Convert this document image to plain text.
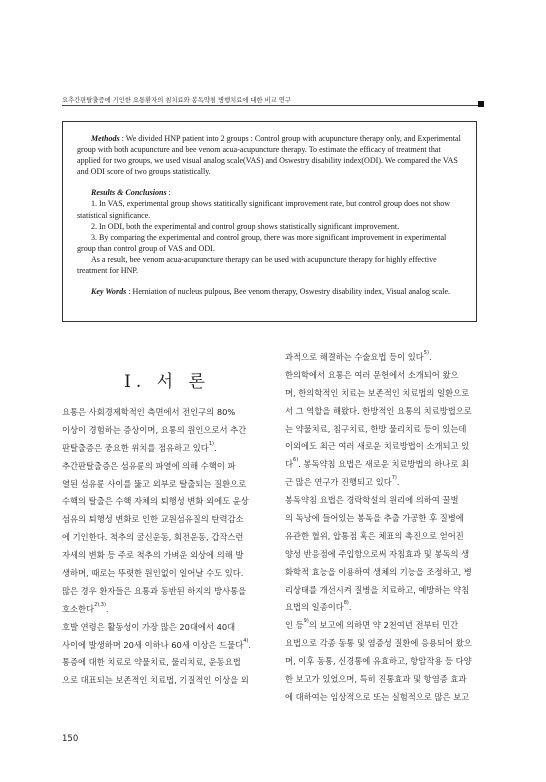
요추간판탈출증에 기인한 요통환자의 침치료와 봉독약침 병행치료에 대한 비교 연구

Methods : We divided HNP patient into 2 groups : Control group with acupuncture therapy only, and Experimental group with both acupuncture and bee venom acua-acupuncture therapy. To estimate the efficacy of treatment that applied for two groups, we used visual analog scale(VAS) and Oswestry disability index(ODI). We compared the VAS and ODI score of two groups statistically.

Results & Conclusions :

1. In VAS, experimental group shows statitically significant improvement rate, but control group does not show

statistical significance.

2. In ODI, both the experimental and control group shows statistically significant improvement.

3. By comparing the experimental and control group, there was more significant improvement in experimental

group than control group of VAS and ODI.

As a result, bee venom acua-acupuncture therapy can be used with acupuncture therapy for highly effective

treatment for HNP.

Key Words : Herniation of nucleus pulpous, Bee venom therapy, Oswestry disability index, Visual analog scale.

I. 서 론
요통은 사회경제학적인 측면에서 전인구의 80%
이상이 경험하는 증상이며, 요통의 원인으로서 추간
판탈출증은 중요한 위치를 점유하고 있다$^{1)}$.
추간판탈출증은 섬유륜의 파열에 의해 수핵이 파
열된 섬유륜 사이를 뚫고 외부로 탈출되는 질환으로
수핵의 탈출은 수핵 자체의 퇴행성 변화 외에도 윤상
섬유의 퇴행성 변화로 인한 교원섬유질의 탄력감소
에 기인한다. 척추의 굴신운동, 회전운동, 갑작스런
자세의 변화 등 주로 척추의 가벼운 외상에 의해 발
생하며, 때로는 뚜렷한 원인없이 일어날 수도 있다.
많은 경우 환자들은 요통과 동반된 하지의 방사통을
호소한다$^{2),3)}$.
호발 연령은 활동성이 가장 많은 20대에서 40대
사이에 발생하며 20세 이하나 60세 이상은 드물다$^{4)}$.
통증에 대한 치료로 약물치료, 물리치료, 운동요법
으로 대표되는 보존적인 치료법, 기질적인 이상을 외
과적으로 해결하는 수술요법 등이 있다$^{5)}$.
한의학에서 요통은 여러 문헌에서 소개되어 왔으
며, 한의학적인 치료는 보존적인 치료법의 일환으로
서 그 역할을 해왔다. 한방적인 요통의 치료방법으로
는 약물치료, 침구치료, 한방 물리치료 등이 있는데
이외에도 최근 여러 새로운 치료방법이 소개되고 있
다$^{6)}$. 봉독약침 요법은 새로운 치료방법의 하나로 최
근 많은 연구가 진행되고 있다$^{7)}$.
봉독약침 요법은 경락학설의 원리에 의하여 꿀벌
의 독낭에 들어있는 봉독을 추출 가공한 후 질병에
유관한 혈위, 압통점 혹은 체표의 촉진으로 얻어진
양성 반응점에 주입함으로써 자침효과 및 봉독의 생
화학적 효능을 이용하여 생체의 기능을 조정하고, 병
리상태를 개선시켜 질병을 치료하고, 예방하는 약침
요법의 일종이다$^{8)}$.
인 등$^{9)}$의 보고에 의하면 약 2천여년 전부터 민간
요법으로 각종 동통 및 염증성 질환에 응용되어 왔으
며, 이후 동통, 신경통에 유효하고, 항암작용 등 다양
한 보고가 있었으며, 특히 진통효과 및 항염증 효과
에 대하여는 임상적으로 또는 실험적으로 많은 보고
150
